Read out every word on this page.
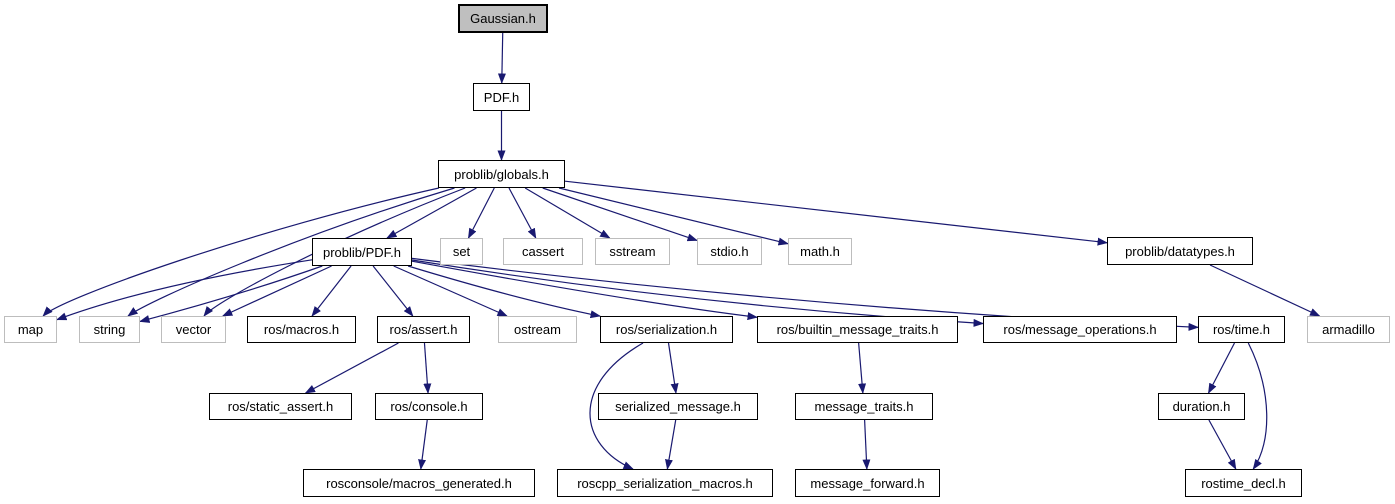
Gaussian.h
PDF.h
problib/globals.h
problib/PDF.h	set	cassert	sstream	stdio.h	math.h	problib/datatypes.h
map	string	vector	ros/macros.h	ros/assert.h	ostream	ros/serialization.h	ros/builtin_message_traits.h	ros/message_operations.h	ros/time.h	armadillo
ros/static_assert.h	ros/console.h	serialized_message.h	message_traits.h	duration.h
rosconsole/macros_generated.h	roscpp_serialization_macros.h	message_forward.h	rostime_decl.h
